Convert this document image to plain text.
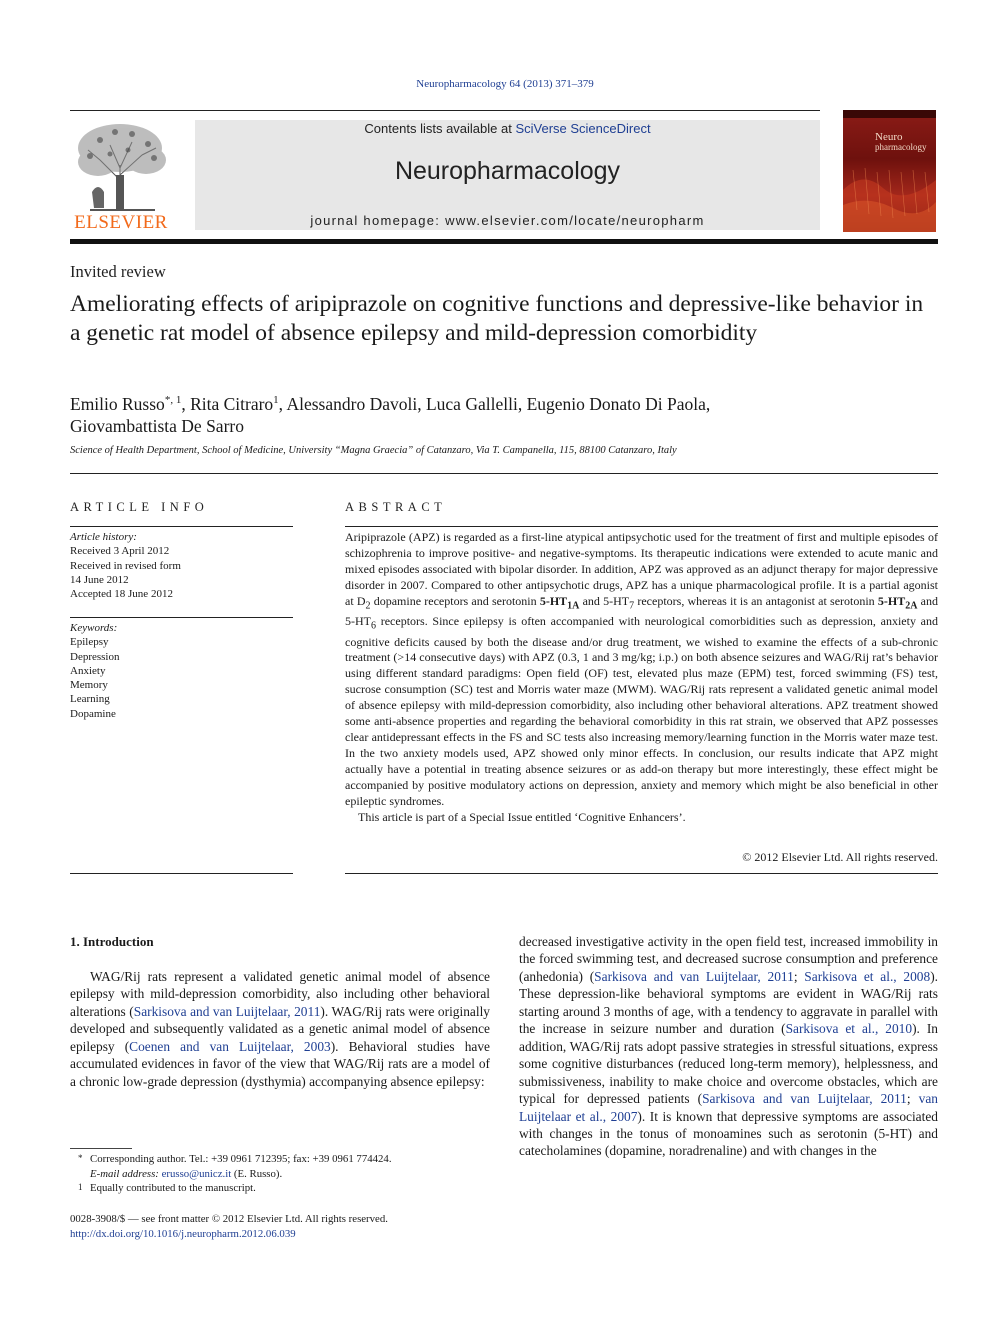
Neuropharmacology 64 (2013) 371–379
ELSEVIER
Contents lists available at SciVerse ScienceDirect
Neuropharmacology
journal homepage: www.elsevier.com/locate/neuropharm
Neuro
pharmacology
Invited review
Ameliorating effects of aripiprazole on cognitive functions and depressive-like behavior in a genetic rat model of absence epilepsy and mild-depression comorbidity
Emilio Russo$^{*, 1}$, Rita Citraro$^1$, Alessandro Davoli, Luca Gallelli, Eugenio Donato Di Paola,
Giovambattista De Sarro
Science of Health Department, School of Medicine, University “Magna Graecia” of Catanzaro, Via T. Campanella, 115, 88100 Catanzaro, Italy
ARTICLE INFO
Article history:
Received 3 April 2012
Received in revised form
14 June 2012
Accepted 18 June 2012
Keywords:
Epilepsy
Depression
Anxiety
Memory
Learning
Dopamine
ABSTRACT

Aripiprazole (APZ) is regarded as a first-line atypical antipsychotic used for the treatment of first and multiple episodes of schizophrenia to improve positive- and negative-symptoms. Its therapeutic indications were extended to acute manic and mixed episodes associated with bipolar disorder. In addition, APZ was approved as an adjunct therapy for major depressive disorder in 2007. Compared to other antipsychotic drugs, APZ has a unique pharmacological profile. It is a partial agonist at $D_2$ dopamine receptors and serotonin $5-HT_{1A}$ and $5-HT_7$ receptors, whereas it is an antagonist at serotonin $5-HT_{2A}$ and $5-HT_6$ receptors. Since epilepsy is often accompanied with neurological comorbidities such as depression, anxiety and cognitive deficits caused by both the disease and/or drug treatment, we wished to examine the effects of a sub-chronic treatment (>14 consecutive days) with APZ (0.3, 1 and 3 mg/kg; i.p.) on both absence seizures and WAG/Rij rat’s behavior using different standard paradigms: Open field (OF) test, elevated plus maze (EPM) test, forced swimming (FS) test, sucrose consumption (SC) test and Morris water maze (MWM). WAG/Rij rats represent a validated genetic animal model of absence epilepsy with mild-depression comorbidity, also including other behavioral alterations. APZ treatment showed some anti-absence properties and regarding the behavioral comorbidity in this rat strain, we observed that APZ possesses clear antidepressant effects in the FS and SC tests also increasing memory/learning function in the Morris water maze test. In the two anxiety models used, APZ showed only minor effects. In conclusion, our results indicate that APZ might actually have a potential in treating absence seizures or as add-on therapy but more interestingly, these effect might be accompanied by positive modulatory actions on depression, anxiety and memory which might be also beneficial in other epileptic syndromes.

This article is part of a Special Issue entitled ‘Cognitive Enhancers’.

© 2012 Elsevier Ltd. All rights reserved.
1. Introduction
WAG/Rij rats represent a validated genetic animal model of absence epilepsy with mild-depression comorbidity, also including other behavioral alterations (Sarkisova and van Luijtelaar, 2011). WAG/Rij rats were originally developed and subsequently validated as a genetic animal model of absence epilepsy (Coenen and van Luijtelaar, 2003). Behavioral studies have accumulated evidences in favor of the view that WAG/Rij rats are a model of a chronic low-grade depression (dysthymia) accompanying absence epilepsy:
decreased investigative activity in the open field test, increased immobility in the forced swimming test, and decreased sucrose consumption and preference (anhedonia) (Sarkisova and van Luijtelaar, 2011; Sarkisova et al., 2008). These depression-like behavioral symptoms are evident in WAG/Rij rats starting around 3 months of age, with a tendency to aggravate in parallel with the increase in seizure number and duration (Sarkisova et al., 2010). In addition, WAG/Rij rats adopt passive strategies in stressful situations, express some cognitive disturbances (reduced long-term memory), helplessness, and submissiveness, inability to make choice and overcome obstacles, which are typical for depressed patients (Sarkisova and van Luijtelaar, 2011; van Luijtelaar et al., 2007). It is known that depressive symptoms are associated with changes in the tonus of monoamines such as serotonin (5-HT) and catecholamines (dopamine, noradrenaline) and with changes in the
* Corresponding author. Tel.: +39 0961 712395; fax: +39 0961 774424.
E-mail address: erusso@unicz.it (E. Russo).
1 Equally contributed to the manuscript.
0028-3908/$ — see front matter © 2012 Elsevier Ltd. All rights reserved.
http://dx.doi.org/10.1016/j.neuropharm.2012.06.039
